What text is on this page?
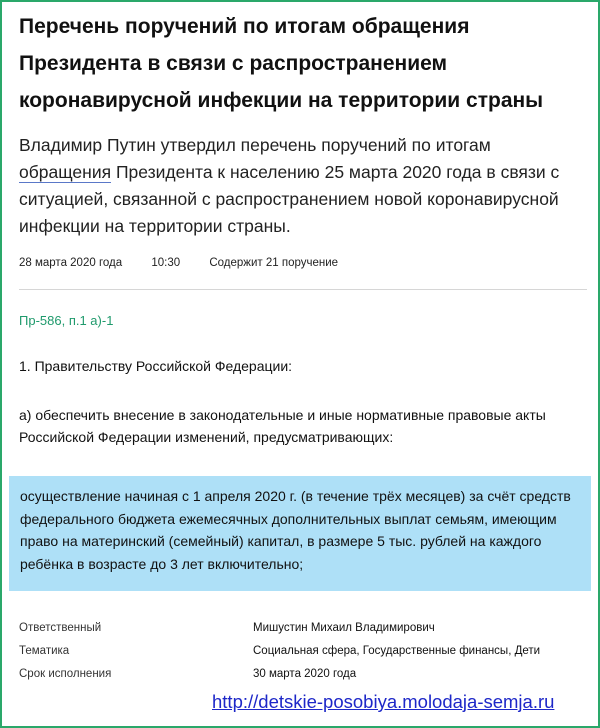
Перечень поручений по итогам обращения Президента в связи с распространением коронавирусной инфекции на территории страны

Владимир Путин утвердил перечень поручений по итогам обращения Президента к населению 25 марта 2020 года в связи с ситуацией, связанной с распространением новой коронавирусной инфекции на территории страны.

28 марта 2020 года	10:30	Содержит 21 поручение
Пр-586, п.1 а)-1

1. Правительству Российской Федерации:

а) обеспечить внесение в законодательные и иные нормативные правовые акты Российской Федерации изменений, предусматривающих:

осуществление начиная с 1 апреля 2020 г. (в течение трёх месяцев) за счёт средств федерального бюджета ежемесячных дополнительных выплат семьям, имеющим право на материнский (семейный) капитал, в размере 5 тыс. рублей на каждого ребёнка в возрасте до 3 лет включительно;

Ответственный	Мишустин Михаил Владимирович
Тематика	Социальная сфера, Государственные финансы, Дети
Срок исполнения	30 марта 2020 года
http://detskie-posobiya.molodaja-semja.ru
